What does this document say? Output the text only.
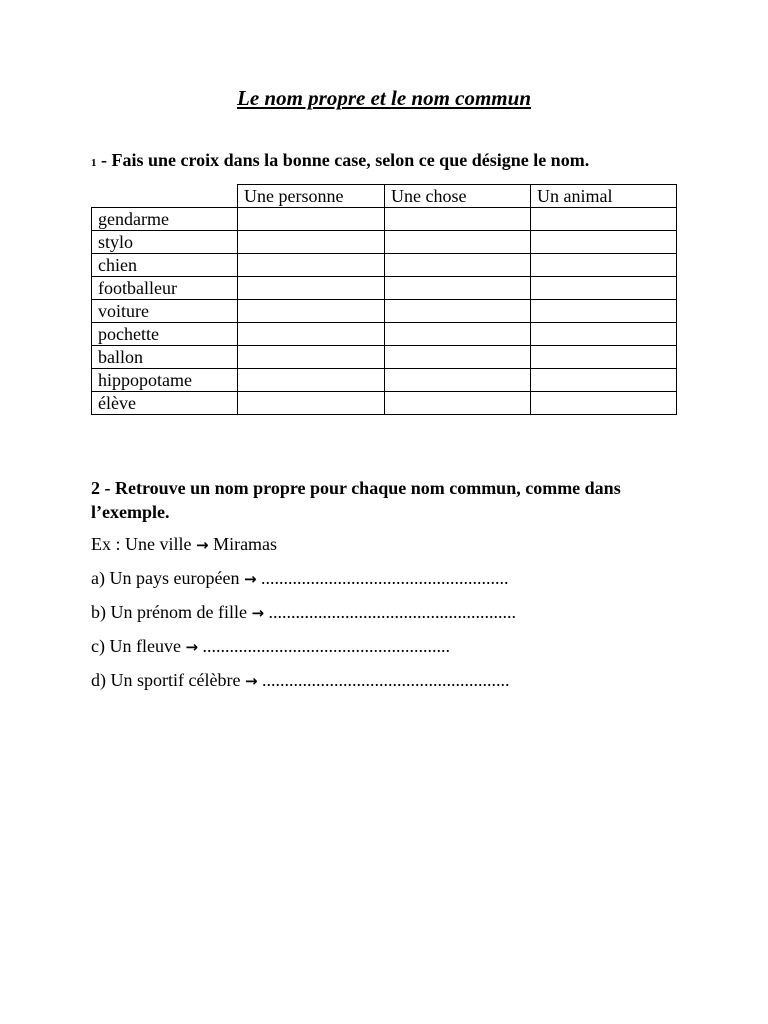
Le nom propre et le nom commun
1 - Fais une croix dans la bonne case, selon ce que désigne le nom.
	Une personne	Une chose	Un animal
gendarme			
stylo			
chien			
footballeur			
voiture			
pochette			
ballon			
hippopotame			
élève			
2 - Retrouve un nom propre pour chaque nom commun, comme dans l’exemple.
Ex : Une ville → Miramas
a) Un pays européen → .......................................................
b) Un prénom de fille → .......................................................
c) Un fleuve → .......................................................
d) Un sportif célèbre → .......................................................
